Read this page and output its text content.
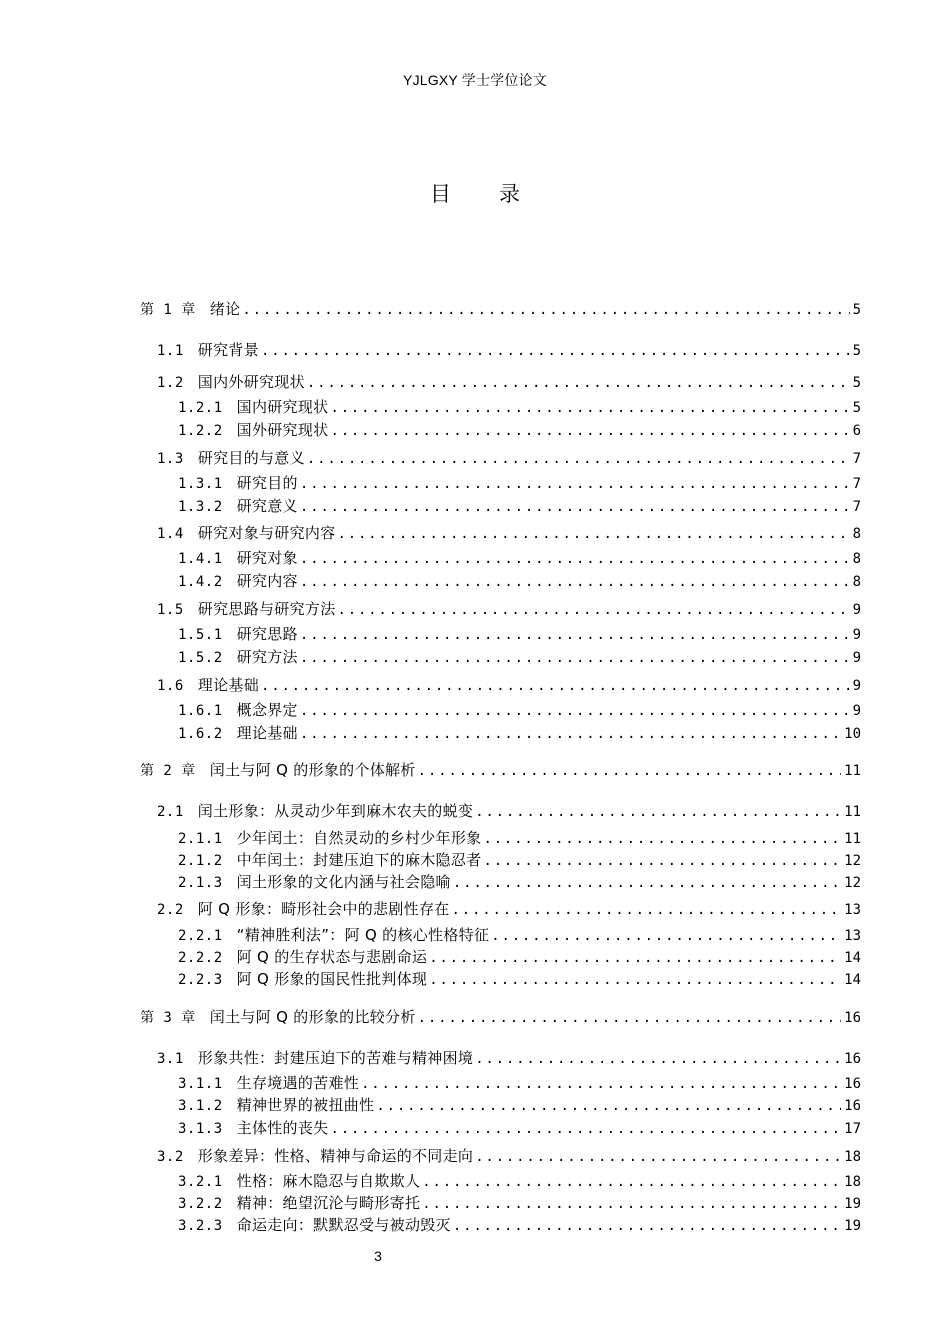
YJLGXY 学士学位论文
目录
第 1 章 绪论 .....	5
1.1 研究背景 .....	5
1.2 国内外研究现状 .....	5
1.2.1 国内研究现状 .....	5
1.2.2 国外研究现状 .....	6
1.3 研究目的与意义 .....	7
1.3.1 研究目的 .....	7
1.3.2 研究意义 .....	7
1.4 研究对象与研究内容 .....	8
1.4.1 研究对象 .....	8
1.4.2 研究内容 .....	8
1.5 研究思路与研究方法 .....	9
1.5.1 研究思路 .....	9
1.5.2 研究方法 .....	9
1.6 理论基础 .....	9
1.6.1 概念界定 .....	9
1.6.2 理论基础 .....	10
第 2 章 闰土与阿 Q 的形象的个体解析 .....	11
2.1 闰土形象：从灵动少年到麻木农夫的蜕变 .....	11
2.1.1 少年闰土：自然灵动的乡村少年形象 .....	11
2.1.2 中年闰土：封建压迫下的麻木隐忍者 .....	12
2.1.3 闰土形象的文化内涵与社会隐喻 .....	12
2.2 阿 Q 形象：畸形社会中的悲剧性存在 .....	13
2.2.1 “精神胜利法”：阿 Q 的核心性格特征 .....	13
2.2.2 阿 Q 的生存状态与悲剧命运 .....	14
2.2.3 阿 Q 形象的国民性批判体现 .....	14
第 3 章 闰土与阿 Q 的形象的比较分析 .....	16
3.1 形象共性：封建压迫下的苦难与精神困境 .....	16
3.1.1 生存境遇的苦难性 .....	16
3.1.2 精神世界的被扭曲性 .....	16
3.1.3 主体性的丧失 .....	17
3.2 形象差异：性格、精神与命运的不同走向 .....	18
3.2.1 性格：麻木隐忍与自欺欺人 .....	18
3.2.2 精神：绝望沉沦与畸形寄托 .....	19
3.2.3 命运走向：默默忍受与被动毁灭 .....	19
3
